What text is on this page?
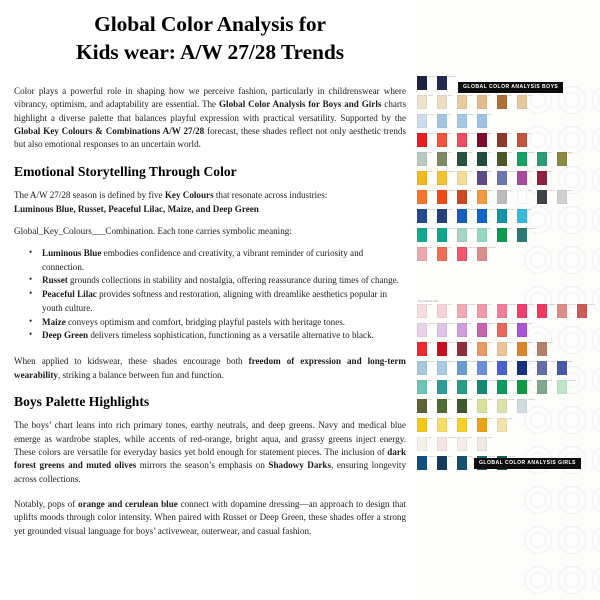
Global Color Analysis for
Kids wear: A/W 27/28 Trends

Color plays a powerful role in shaping how we perceive fashion, particularly in childrenswear where vibrancy, optimism, and adaptability are essential. The Global Color Analysis for Boys and Girls charts highlight a diverse palette that balances playful expression with practical versatility. Supported by the Global Key Colours & Combinations A/W 27/28 forecast, these shades reflect not only aesthetic trends but also emotional responses to an uncertain world.

Emotional Storytelling Through Color

The A/W 27/28 season is defined by five Key Colours that resonate across industries:
Luminous Blue, Russet, Peaceful Lilac, Maize, and Deep Green

Global_Key_Colours___Combination. Each tone carries symbolic meaning:

• Luminous Blue embodies confidence and creativity, a vibrant reminder of curiosity and connection.
• Russet grounds collections in stability and nostalgia, offering reassurance during times of change.
• Peaceful Lilac provides softness and restoration, aligning with dreamlike aesthetics popular in youth culture.
• Maize conveys optimism and comfort, bridging playful pastels with heritage tones.
• Deep Green delivers timeless sophistication, functioning as a versatile alternative to black.

When applied to kidswear, these shades encourage both freedom of expression and long-term wearability, striking a balance between fun and function.

Boys Palette Highlights

The boys’ chart leans into rich primary tones, earthy neutrals, and deep greens. Navy and medical blue emerge as wardrobe staples, while accents of red-orange, bright aqua, and grassy greens inject energy. These colors are versatile for everyday basics yet bold enough for statement pieces. The inclusion of dark forest greens and muted olives mirrors the season’s emphasis on Shadowy Darks, ensuring longevity across collections.

Notably, pops of orange and cerulean blue connect with dopamine dressing—an approach to design that uplifts moods through color intensity. When paired with Russet or Deep Green, these shades offer a strong yet grounded visual language for boys’ activewear, outerwear, and casual fashion.

GLOBAL COLOR ANALYSIS BOYS
Midnight Navy
Deep Navy
Cream	Sand	Wheat	Tan	Toffee	Biscuit
Ice Blue	Sky	Powder	Mist
True Red	Flame	Rose Red	Merlot	Brick	Clay
Sage	Olive	Forest	Pine	Moss	Emerald	Jade	Khaki
Maize	Sunflower	Butter	Violet	Periwinkle	Orchid	Plum
Orange	Tangerine	Rust	Apricot	Grey	White	Charcoal	Silver
Navy Blue	Cobalt	Medical Blue
Cerulean	Teal Blue	Aqua
Turquoise	Mint Deep	Seafoam	Mint	Grass	Deep Teal
Blush	Coral	Watermelon	Dusty Rose
Key Colours Girls
Petal	Shell	Rosewater	Pink	Bubblegum	Fuchsia	Raspberry	Dusty Pink	Terracotta
Peaceful Lilac
Lavender	Lilac	Magenta	Coral Red	Purple
Red	Crimson	Wine	Peach	Nude	Amber	Mocha
Sky Blue	Baby Blue	Cornflower	Bluebell	Royal	Luminous Blue
Slate Blue	Indigo
Aqua	Teal	Jade	Deep Green	Emerald	Green	Sage	Pastel Mint
Olive	Moss	Forest	Citron	Pistachio	Pale Blue
Maize	Lemon	Gold	Ochre	Vanilla
Ivory	Rose White	Bone	Linen
Deep Blue	Navy	Petrol
GLOBAL COLOR ANALYSIS GIRLS
